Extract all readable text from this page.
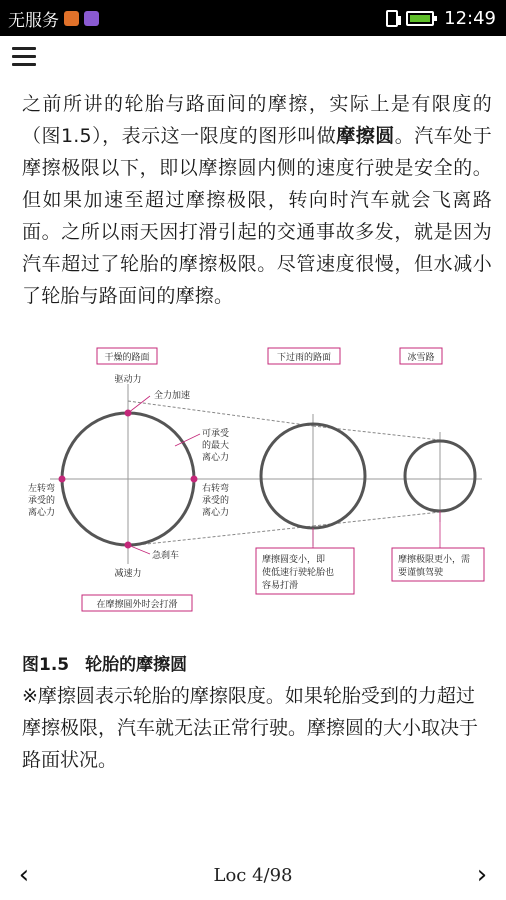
无服务	12:49

之前所讲的轮胎与路面间的摩擦，实际上是有限度的（图1.5），表示这一限度的图形叫做摩擦圆。汽车处于摩擦极限以下，即以摩擦圆内侧的速度行驶是安全的。但如果加速至超过摩擦极限，转向时汽车就会飞离路面。之所以雨天因打滑引起的交通事故多发，就是因为汽车超过了轮胎的摩擦极限。尽管速度很慢，但水减小了轮胎与路面间的摩擦。

干燥的路面	下过雨的路面	冰雪路
驱动力
全力加速
可承受
的最大
离心力
左转弯
承受的
离心力
右转弯
承受的
离心力
急刹车
减速力
在摩擦圆外时会打滑
摩擦圆变小，即
使低速行驶轮胎也
容易打滑
摩擦极限更小，需
要谨慎驾驶

图1.5 轮胎的摩擦圆

※摩擦圆表示轮胎的摩擦限度。如果轮胎受到的力超过摩擦极限，汽车就无法正常行驶。摩擦圆的大小取决于路面状况。

‹	Loc 4/98	›
